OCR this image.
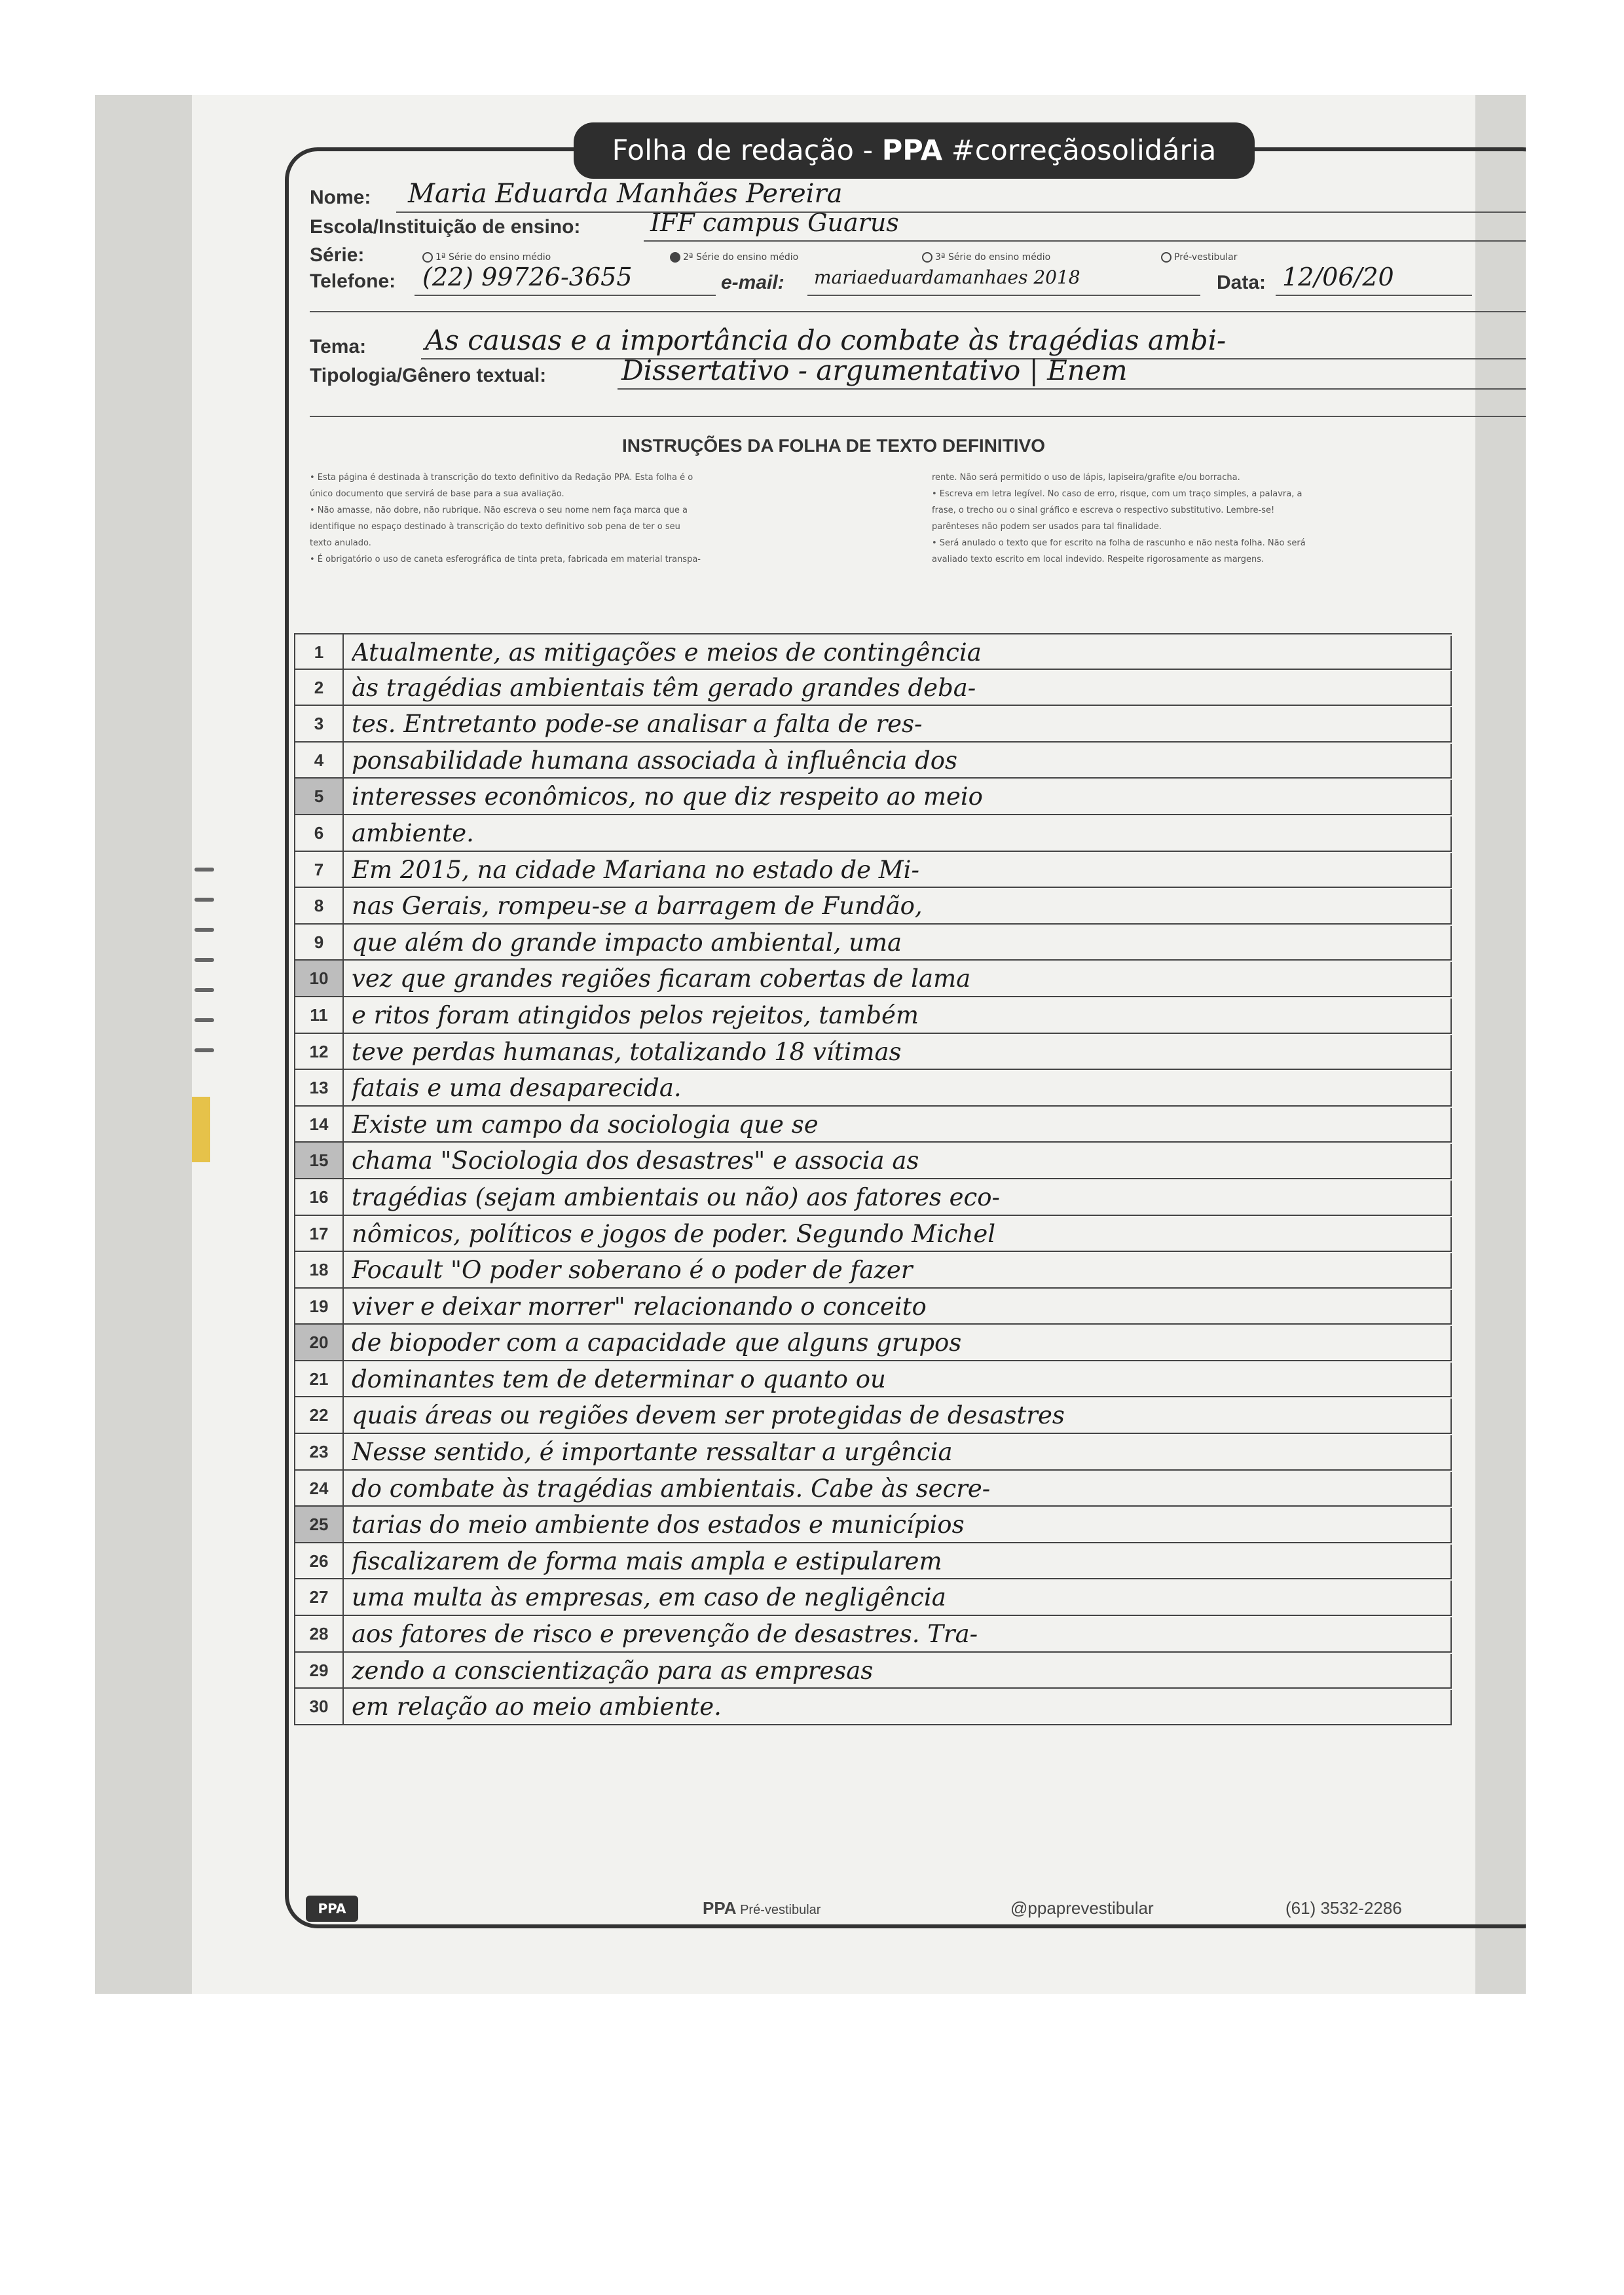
Folha de redação - PPA #correçãosolidária
Nome: Maria Eduarda Manhães Pereira
Escola/Instituição de ensino:	IFF campus Guarus
Série:	1ª Série do ensino médio	2ª Série do ensino médio	3ª Série do ensino médio	Pré-vestibular
Telefone: (22) 99726-3655	e-mail: mariaeduardamanhaes 2018	Data: 12/06/20
Tema: As causas e a importância do combate às tragédias ambi-
Tipologia/Gênero textual:	Dissertativo - argumentativo | Enem
INSTRUÇÕES DA FOLHA DE TEXTO DEFINITIVO

• Esta página é destinada à transcrição do texto definitivo da Redação PPA. Esta folha é o

único documento que servirá de base para a sua avaliação.

• Não amasse, não dobre, não rubrique. Não escreva o seu nome nem faça marca que a

identifique no espaço destinado à transcrição do texto definitivo sob pena de ter o seu

texto anulado.

• É obrigatório o uso de caneta esferográfica de tinta preta, fabricada em material transpa-

rente. Não será permitido o uso de lápis, lapiseira/grafite e/ou borracha.

• Escreva em letra legível. No caso de erro, risque, com um traço simples, a palavra, a

frase, o trecho ou o sinal gráfico e escreva o respectivo substitutivo. Lembre-se!

parênteses não podem ser usados para tal finalidade.

• Será anulado o texto que for escrito na folha de rascunho e não nesta folha. Não será

avaliado texto escrito em local indevido. Respeite rigorosamente as margens.

1	Atualmente, as mitigações e meios de contingência
2	às tragédias ambientais têm gerado grandes deba-
3	tes. Entretanto pode-se analisar a falta de res-
4	ponsabilidade humana associada à influência dos
5	interesses econômicos, no que diz respeito ao meio
6	ambiente.
7	Em 2015, na cidade Mariana no estado de Mi-
8	nas Gerais, rompeu-se a barragem de Fundão,
9	que além do grande impacto ambiental, uma
10 vez que grandes regiões ficaram cobertas de lama
11 e ritos foram atingidos pelos rejeitos, também
12 teve perdas humanas, totalizando 18 vítimas
13 fatais e uma desaparecida.
14 Existe um campo da sociologia que se
15 chama "Sociologia dos desastres" e associa as
16 tragédias (sejam ambientais ou não) aos fatores eco-
17 nômicos, políticos e jogos de poder. Segundo Michel
18 Focault "O poder soberano é o poder de fazer
19 viver e deixar morrer" relacionando o conceito
20 de biopoder com a capacidade que alguns grupos
21 dominantes tem de determinar o quanto ou
22 quais áreas ou regiões devem ser protegidas de desastres
23 Nesse sentido, é importante ressaltar a urgência
24 do combate às tragédias ambientais. Cabe às secre-
25 tarias do meio ambiente dos estados e municípios
26 fiscalizarem de forma mais ampla e estipularem
27 uma multa às empresas, em caso de negligência
28 aos fatores de risco e prevenção de desastres. Tra-
29 zendo a conscientização para as empresas
30 em relação ao meio ambiente.
PPA	PPA Pré-vestibular	@ppaprevestibular	(61) 3532-2286
